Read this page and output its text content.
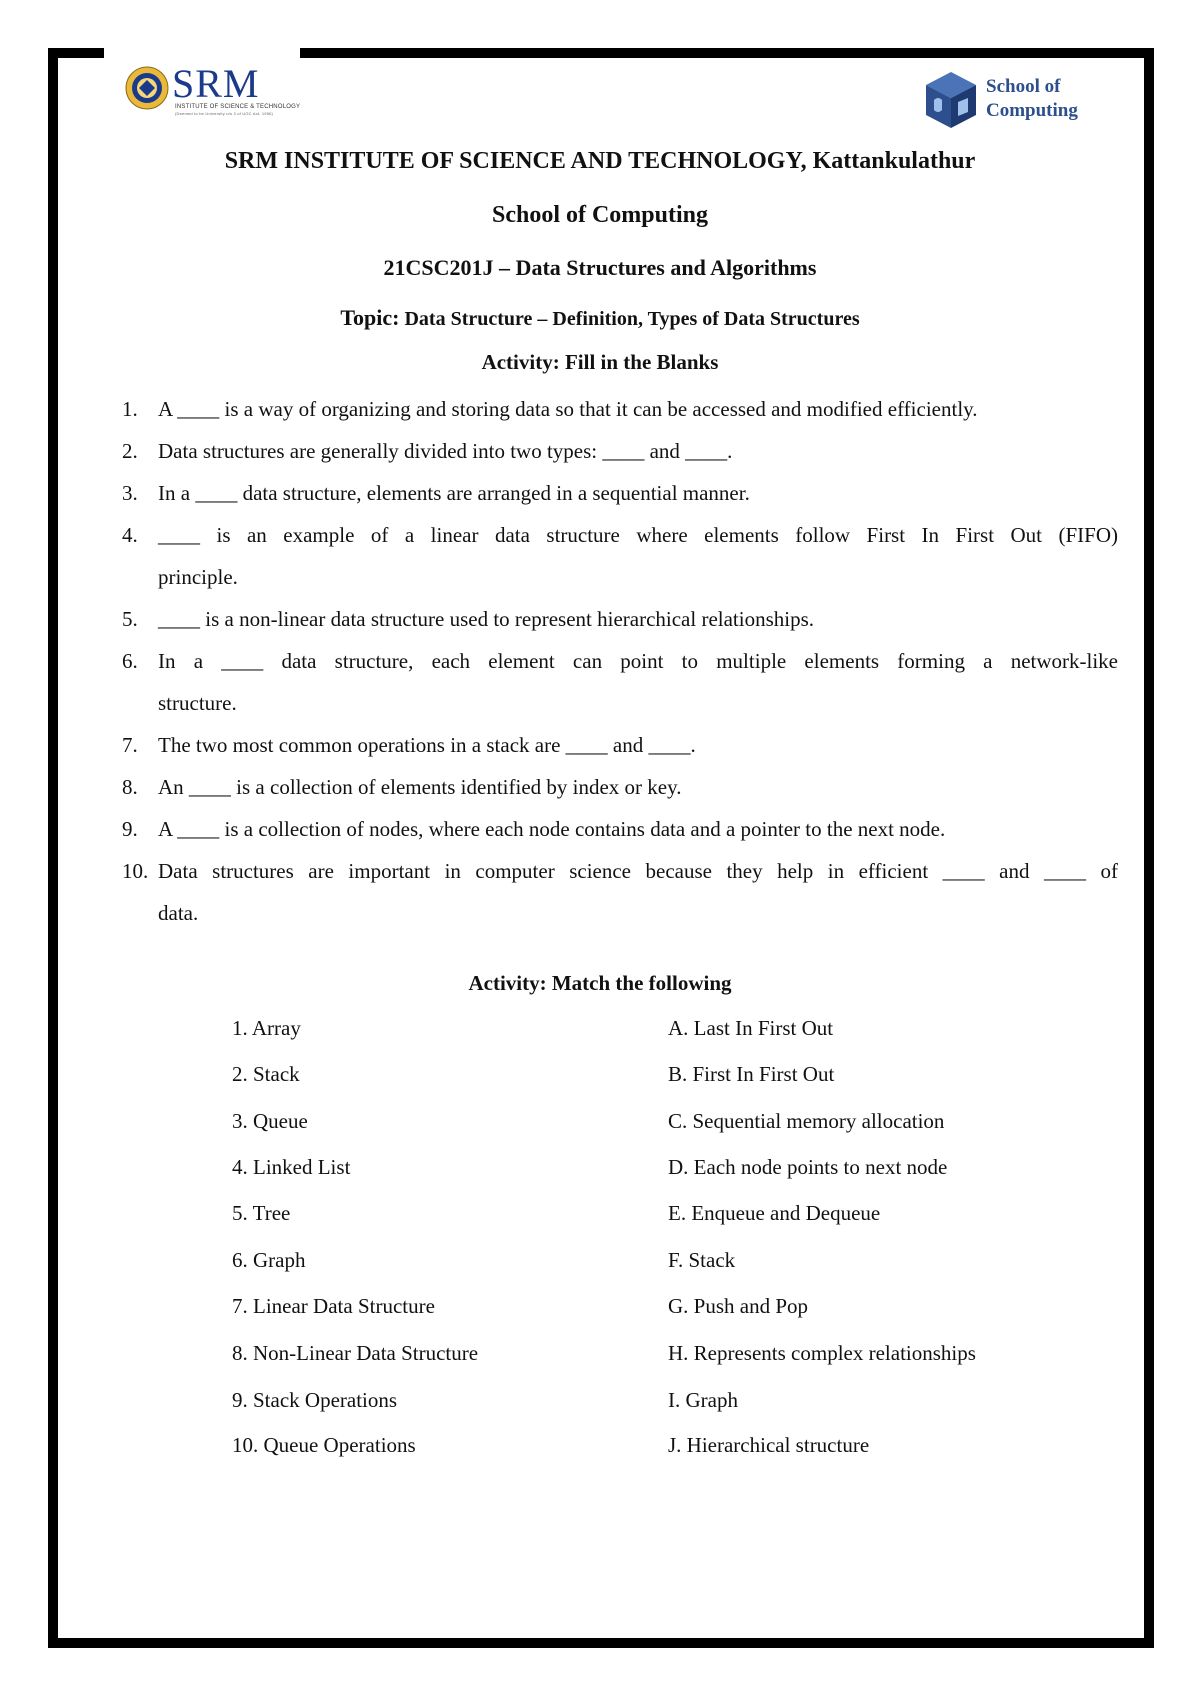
SRM
INSTITUTE OF SCIENCE & TECHNOLOGY
(Deemed to be University u/s 3 of UGC Act, 1956)
School of
Computing
SRM INSTITUTE OF SCIENCE AND TECHNOLOGY, Kattankulathur
School of Computing
21CSC201J – Data Structures and Algorithms
Topic: Data Structure – Definition, Types of Data Structures
Activity: Fill in the Blanks
1. A ____ is a way of organizing and storing data so that it can be accessed and modified efficiently.
2. Data structures are generally divided into two types: ____ and ____.
3. In a ____ data structure, elements are arranged in a sequential manner.
4. ____ is an example of a linear data structure where elements follow First In First Out (FIFO)
principle.
5. ____ is a non-linear data structure used to represent hierarchical relationships.
6. In a ____ data structure, each element can point to multiple elements forming a network-like
structure.
7. The two most common operations in a stack are ____ and ____.
8. An ____ is a collection of elements identified by index or key.
9. A ____ is a collection of nodes, where each node contains data and a pointer to the next node.
10. Data structures are important in computer science because they help in efficient ____ and ____ of
data.
Activity: Match the following
1. Array
2. Stack
3. Queue
4. Linked List
5. Tree
6. Graph
7. Linear Data Structure
8. Non-Linear Data Structure
9. Stack Operations
10. Queue Operations
A. Last In First Out
B. First In First Out
C. Sequential memory allocation
D. Each node points to next node
E. Enqueue and Dequeue
F. Stack
G. Push and Pop
H. Represents complex relationships
I. Graph
J. Hierarchical structure
